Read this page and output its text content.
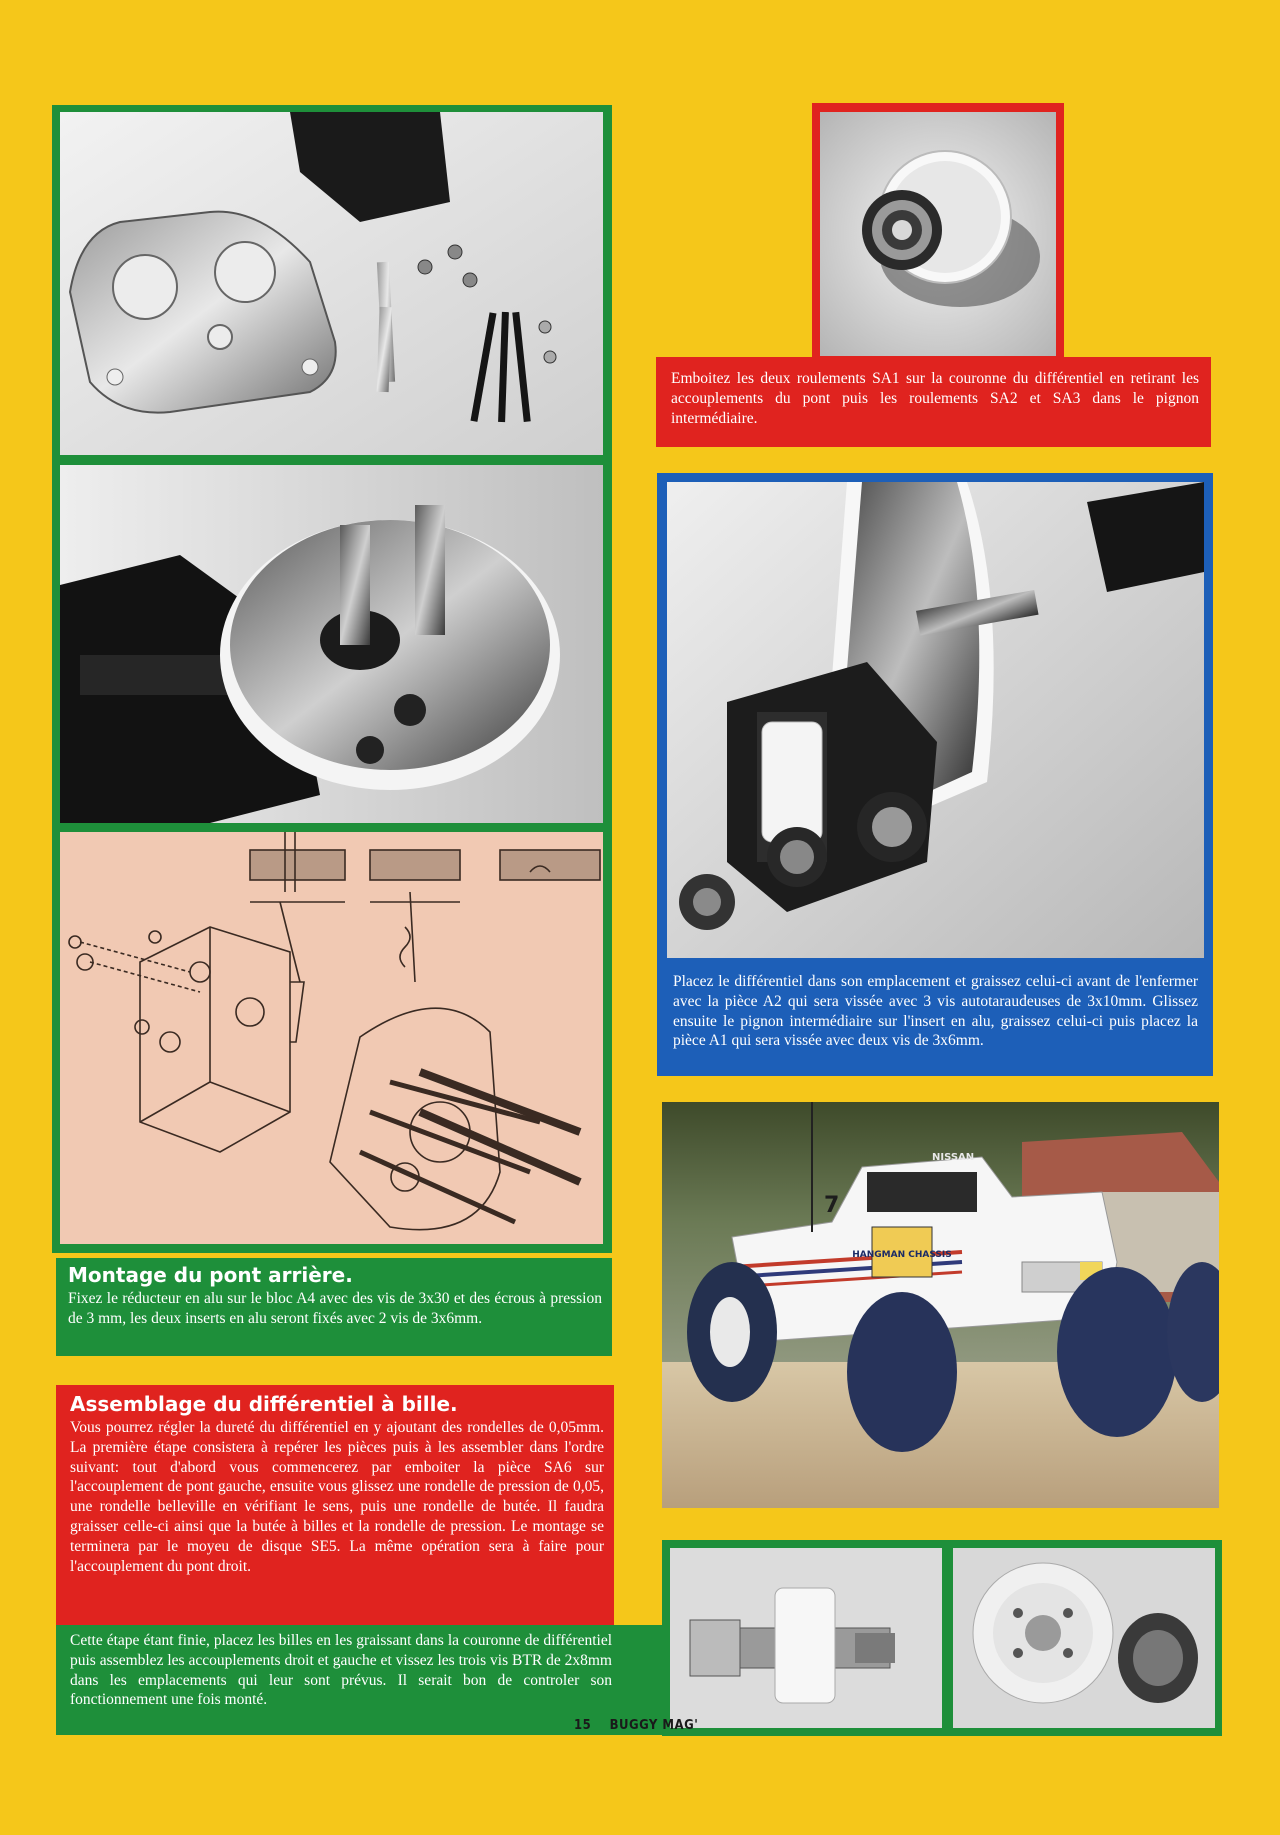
Montage du pont arrière.

Fixez le réducteur en alu sur le bloc A4 avec des vis de 3x30 et des écrous à pression de 3 mm, les deux inserts en alu seront fixés avec 2 vis de 3x6mm.

Assemblage du différentiel à bille.

Vous pourrez régler la dureté du différentiel en y ajoutant des rondelles de 0,05mm. La première étape consistera à repérer les pièces puis à les assembler dans l'ordre suivant: tout d'abord vous commencerez par emboiter la pièce SA6 sur l'accouplement de pont gauche, ensuite vous glissez une rondelle de pression de 0,05, une rondelle belleville en vérifiant le sens, puis une rondelle de butée. Il faudra graisser celle-ci ainsi que la butée à billes et la rondelle de pression. Le montage se terminera par le moyeu de disque SE5. La même opération sera à faire pour l'accouplement du pont droit.

Cette étape étant finie, placez les billes en les graissant dans la couronne de différentiel puis assemblez les accouplements droit et gauche et vissez les trois vis BTR de 2x8mm dans les emplacements qui leur sont prévus. Il serait bon de controler son fonctionnement une fois monté.

Emboitez les deux roulements SA1 sur la couronne du différentiel en retirant les accouplements du pont puis les roulements SA2 et SA3 dans le pignon intermédiaire.

Placez le différentiel dans son emplacement et graissez celui-ci avant de l'enfermer avec la pièce A2 qui sera vissée avec 3 vis autotaraudeuses de 3x10mm. Glissez ensuite le pignon intermédiaire sur l'insert en alu, graissez celui-ci puis placez la pièce A1 qui sera vissée avec deux vis de 3x6mm.

HANGMAN CHASSIS
NISSAN
7
15 BUGGY MAG'
